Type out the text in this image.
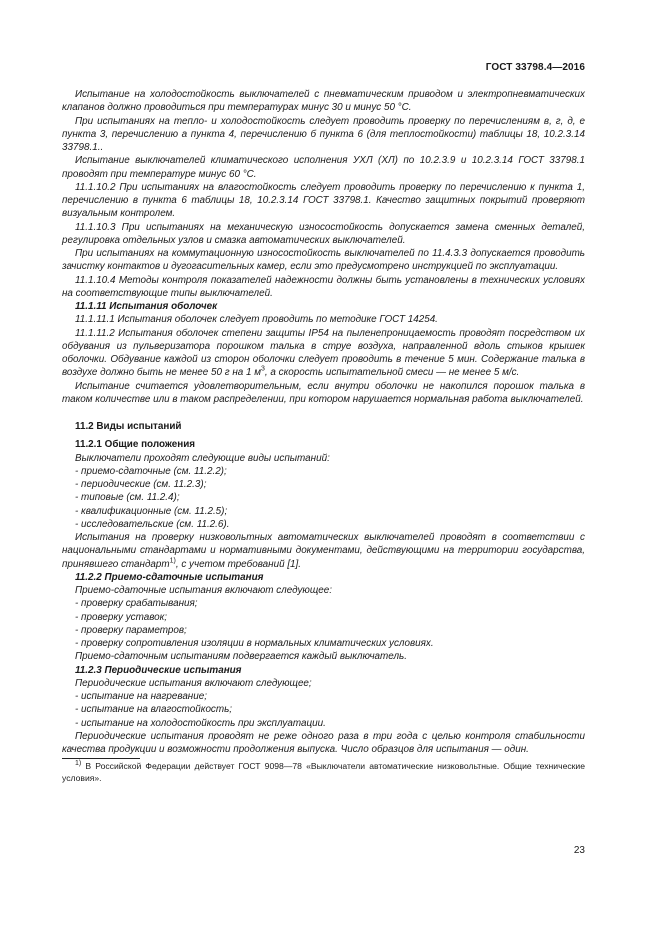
ГОСТ 33798.4—2016

Испытание на холодостойкость выключателей с пневматическим приводом и электропневматических клапанов должно проводиться при температурах минус 30 и минус 50 °С.

При испытаниях на тепло- и холодостойкость следует проводить проверку по перечислениям в, г, д, е пункта 3, перечислению а пункта 4, перечислению б пункта 6 (для теплостойкости) таблицы 18, 10.2.3.14 33798.1..

Испытание выключателей климатического исполнения УХЛ (ХЛ) по 10.2.3.9 и 10.2.3.14 ГОСТ 33798.1 проводят при температуре минус 60 °С.

11.1.10.2 При испытаниях на влагостойкость следует проводить проверку по перечислению к пункта 1, перечислению в пункта 6 таблицы 18, 10.2.3.14 ГОСТ 33798.1. Качество защитных покрытий проверяют визуальным контролем.

11.1.10.3 При испытаниях на механическую износостойкость допускается замена сменных деталей, регулировка отдельных узлов и смазка автоматических выключателей.

При испытаниях на коммутационную износостойкость выключателей по 11.4.3.3 допускается проводить зачистку контактов и дугогасительных камер, если это предусмотрено инструкцией по эксплуатации.

11.1.10.4 Методы контроля показателей надежности должны быть установлены в технических условиях на соответствующие типы выключателей.

11.1.11 Испытания оболочек

11.1.11.1 Испытания оболочек следует проводить по методике ГОСТ 14254.

11.1.11.2 Испытания оболочек степени защиты IP54 на пыленепроницаемость проводят посредством их обдувания из пульверизатора порошком талька в струе воздуха, направленной вдоль стыков крышек оболочки. Обдувание каждой из сторон оболочки следует проводить в течение 5 мин. Содержание талька в воздухе должно быть не менее 50 г на 1 $м^3$, а скорость испытательной смеси — не менее 5 м/с.

Испытание считается удовлетворительным, если внутри оболочки не накопился порошок талька в таком количестве или в таком распределении, при котором нарушается нормальная работа выключателей.

11.2 Виды испытаний

11.2.1 Общие положения

Выключатели проходят следующие виды испытаний:

- приемо-сдаточные (см. 11.2.2);

- периодические (см. 11.2.3);

- типовые (см. 11.2.4);

- квалификационные (см. 11.2.5);

- исследовательские (см. 11.2.6).

Испытания на проверку низковольтных автоматических выключателей проводят в соответствии с национальными стандартами и нормативными документами, действующими на территории государства, принявшего стандарт$^{1)}$, с учетом требований [1].

11.2.2 Приемо-сдаточные испытания

Приемо-сдаточные испытания включают следующее:

- проверку срабатывания;

- проверку уставок;

- проверку параметров;

- проверку сопротивления изоляции в нормальных климатических условиях.

Приемо-сдаточным испытаниям подвергается каждый выключатель.

11.2.3 Периодические испытания

Периодические испытания включают следующее;

- испытание на нагревание;

- испытание на влагостойкость;

- испытание на холодостойкость при эксплуатации.

Периодические испытания проводят не реже одного раза в три года с целью контроля стабильности качества продукции и возможности продолжения выпуска. Число образцов для испытания — один.

$^{1)}$ В Российской Федерации действует ГОСТ 9098—78 «Выключатели автоматические низковольтные. Общие технические условия».

23
